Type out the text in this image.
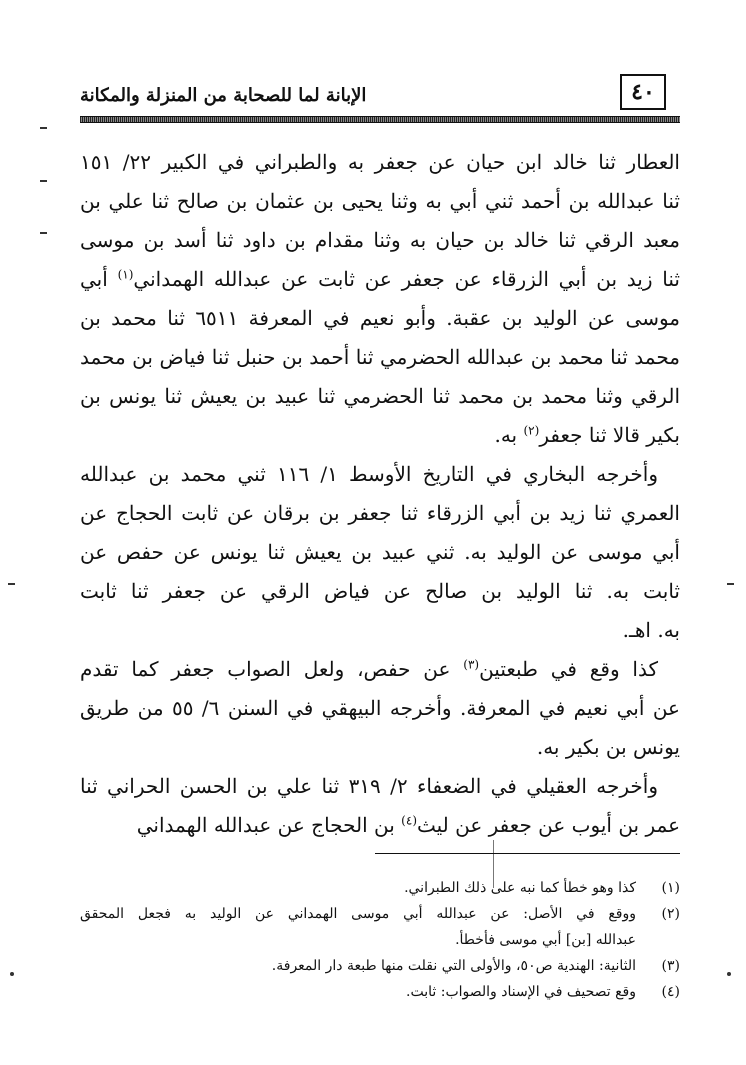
٤٠
الإبانة لما للصحابة من المنزلة والمكانة
العطار ثنا خالد ابن حيان عن جعفر به والطبراني في الكبير ٢٢/ ١٥١
ثنا عبدالله بن أحمد ثني أبي به وثنا يحيى بن عثمان بن صالح ثنا علي بن
معبد الرقي ثنا خالد بن حيان به وثنا مقدام بن داود ثنا أسد بن موسى
ثنا زيد بن أبي الزرقاء عن جعفر عن ثابت عن عبدالله الهمداني$^{(١)}$ أبي
موسى عن الوليد بن عقبة. وأبو نعيم في المعرفة ٦٥١١ ثنا محمد بن
محمد ثنا محمد بن عبدالله الحضرمي ثنا أحمد بن حنبل ثنا فياض بن محمد
الرقي وثنا محمد بن محمد ثنا الحضرمي ثنا عبيد بن يعيش ثنا يونس بن
بكير قالا ثنا جعفر$^{(٢)}$ به.
وأخرجه البخاري في التاريخ الأوسط ١/ ١١٦ ثني محمد بن عبدالله
العمري ثنا زيد بن أبي الزرقاء ثنا جعفر بن برقان عن ثابت الحجاج عن
أبي موسى عن الوليد به. ثني عبيد بن يعيش ثنا يونس عن حفص عن
ثابت به. ثنا الوليد بن صالح عن فياض الرقي عن جعفر ثنا ثابت
به. اهـ.
كذا وقع في طبعتين$^{(٣)}$ عن حفص، ولعل الصواب جعفر كما تقدم
عن أبي نعيم في المعرفة. وأخرجه البيهقي في السنن ٦/ ٥٥ من طريق
يونس بن بكير به.
وأخرجه العقيلي في الضعفاء ٢/ ٣١٩ ثنا علي بن الحسن الحراني ثنا
عمر بن أيوب عن جعفر عن ليث$^{(٤)}$ بن الحجاج عن عبدالله الهمداني
(١)
كذا وهو خطأ كما نبه على ذلك الطبراني.
(٢)
ووقع في الأصل: عن عبدالله أبي موسى الهمداني عن الوليد به فجعل المحقق
عبدالله [بن] أبي موسى فأخطأ.
(٣)
الثانية: الهندية ص٥٠، والأولى التي نقلت منها طبعة دار المعرفة.
(٤)
وقع تصحيف في الإسناد والصواب: ثابت.
